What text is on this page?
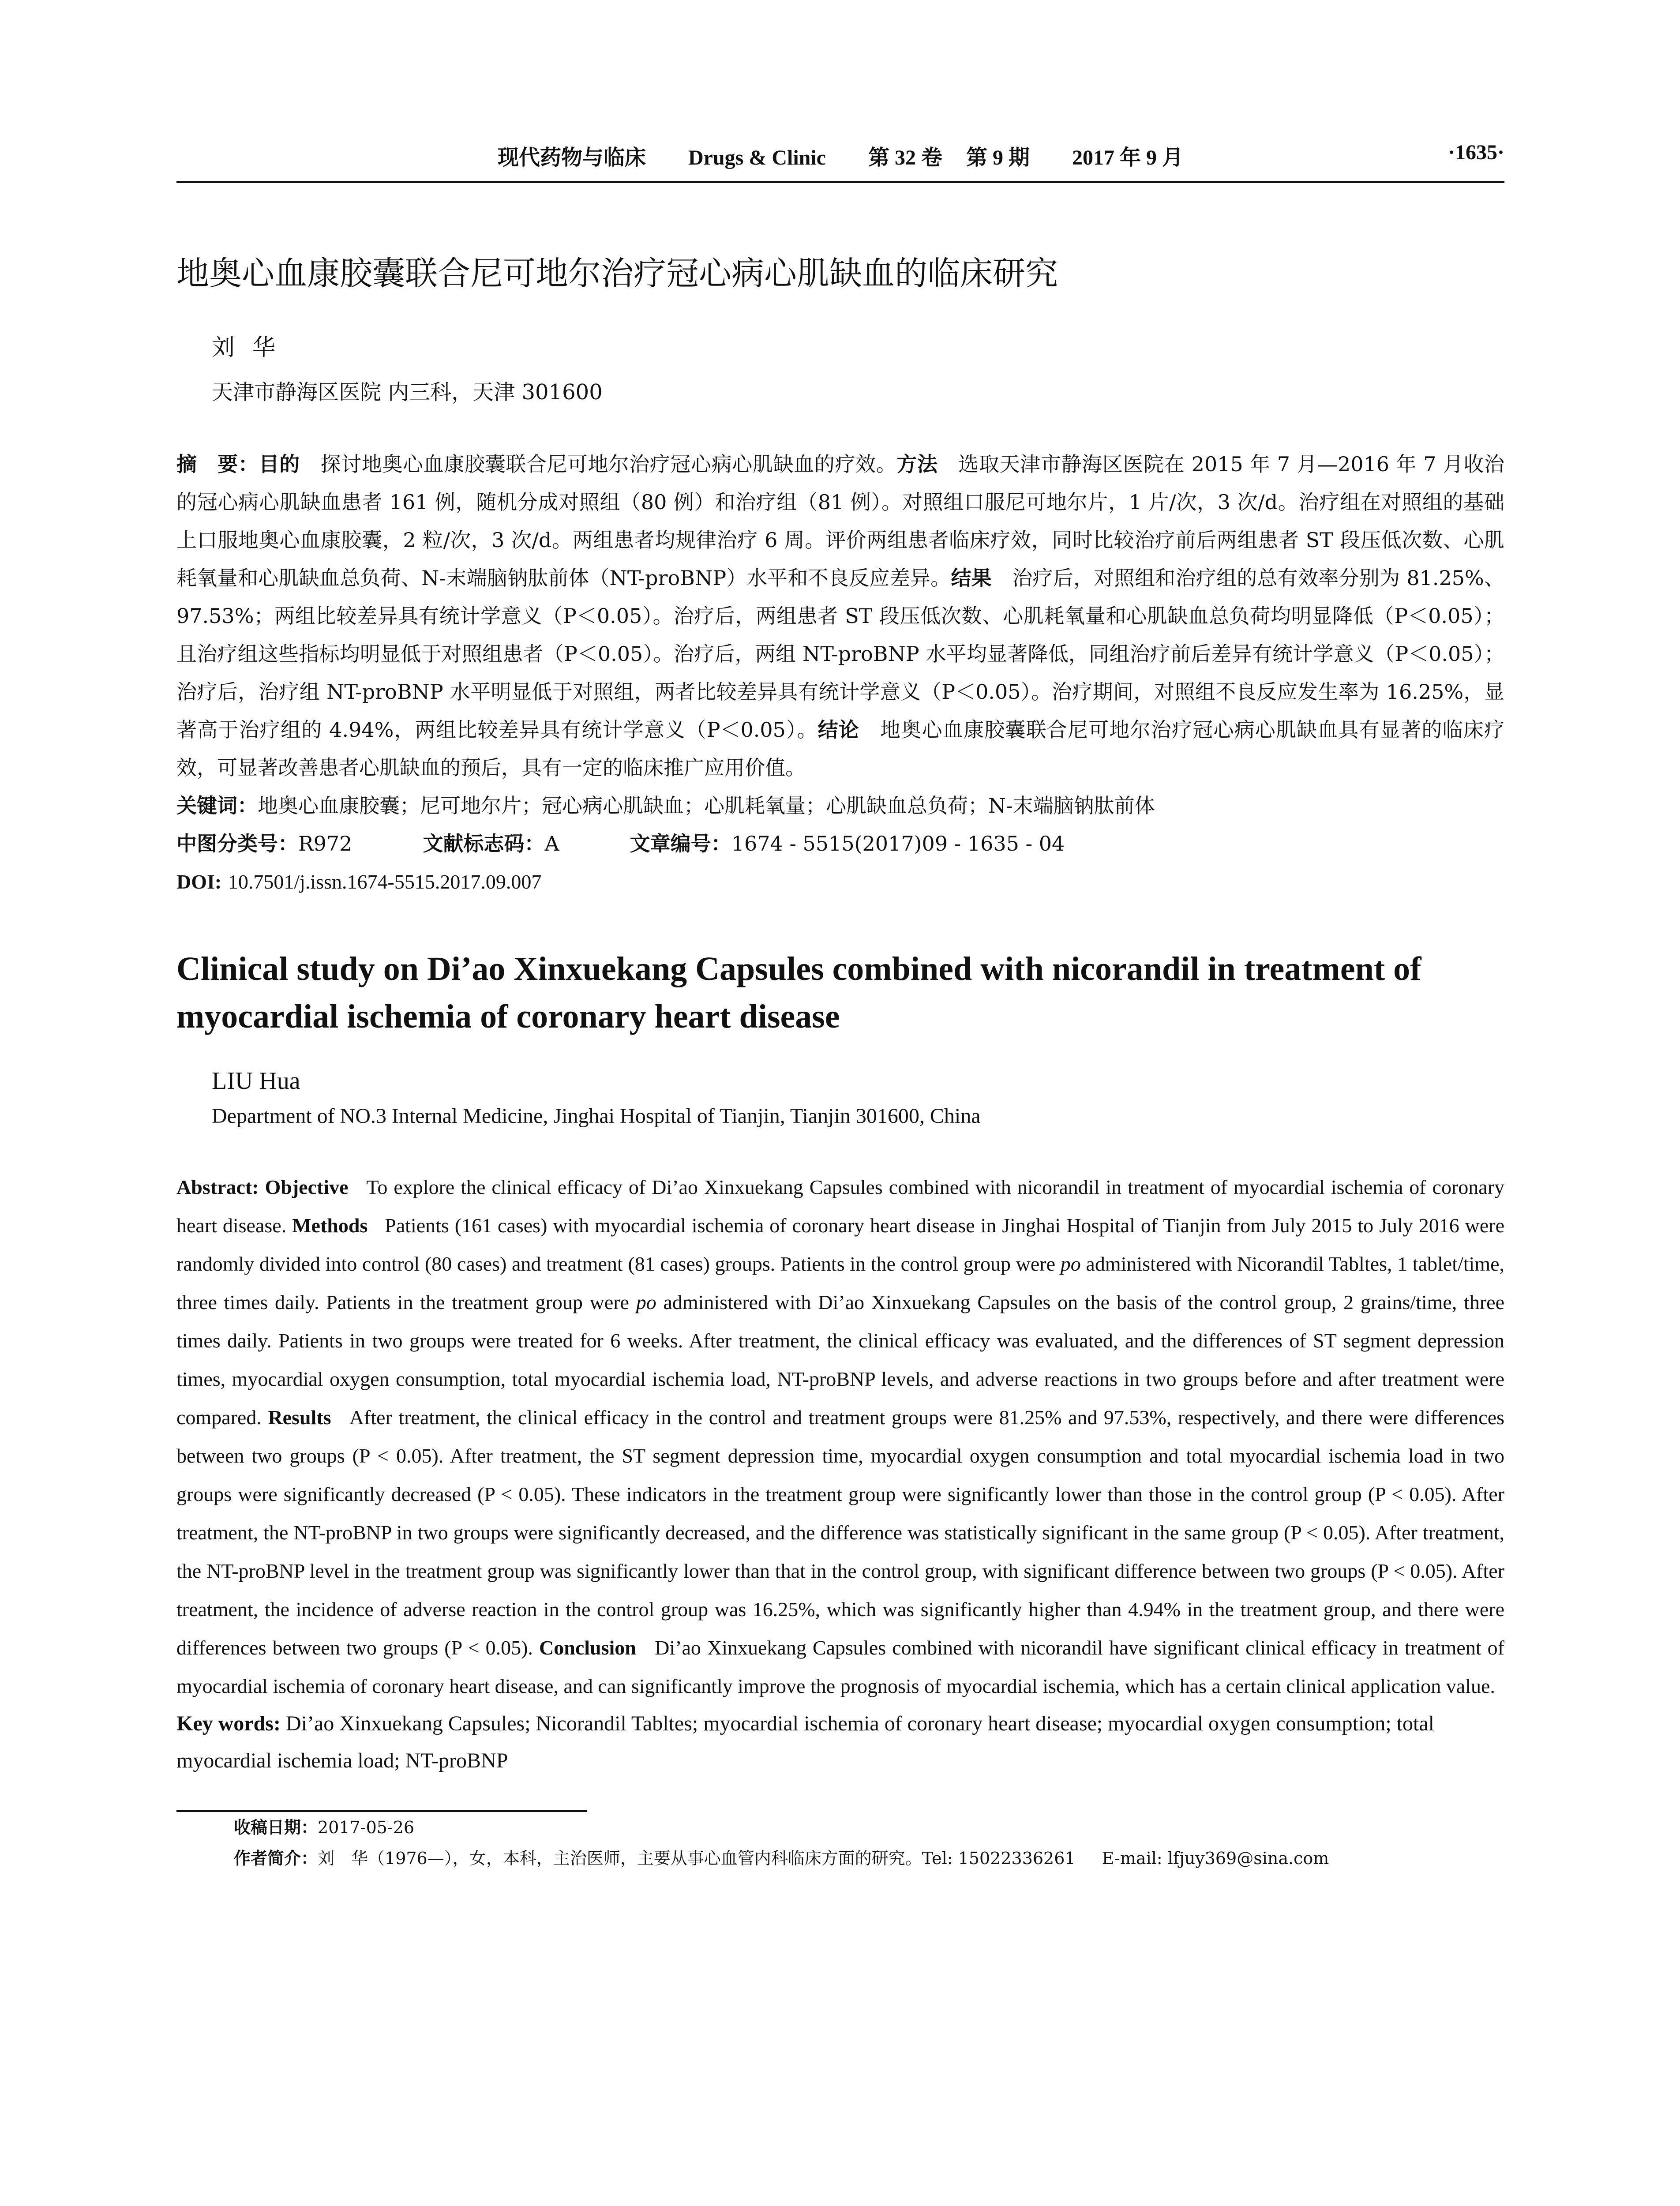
现代药物与临床 Drugs & Clinic 第 32 卷 第 9 期 2017 年 9 月	·1635·
地奥心血康胶囊联合尼可地尔治疗冠心病心肌缺血的临床研究
刘华
天津市静海区医院 内三科，天津 301600
摘　要：目的　 探讨地奥心血康胶囊联合尼可地尔治疗冠心病心肌缺血的疗效。方法　 选取天津市静海区医院在 2015 年 7 月—2016 年 7 月收治的冠心病心肌缺血患者 161 例，随机分成对照组（80 例）和治疗组（81 例）。对照组口服尼可地尔片，1 片/次，3 次/d。治疗组在对照组的基础上口服地奥心血康胶囊，2 粒/次，3 次/d。两组患者均规律治疗 6 周。评价两组患者临床疗效，同时比较治疗前后两组患者 ST 段压低次数、心肌耗氧量和心肌缺血总负荷、N-末端脑钠肽前体（NT-proBNP）水平和不良反应差异。结果　 治疗后，对照组和治疗组的总有效率分别为 81.25%、97.53%；两组比较差异具有统计学意义（P＜0.05）。治疗后，两组患者 ST 段压低次数、心肌耗氧量和心肌缺血总负荷均明显降低（P＜0.05）；且治疗组这些指标均明显低于对照组患者（P＜0.05）。治疗后，两组 NT-proBNP 水平均显著降低，同组治疗前后差异有统计学意义（P＜0.05）；治疗后，治疗组 NT-proBNP 水平明显低于对照组，两者比较差异具有统计学意义（P＜0.05）。治疗期间，对照组不良反应发生率为 16.25%，显著高于治疗组的 4.94%，两组比较差异具有统计学意义（P＜0.05）。结论　 地奥心血康胶囊联合尼可地尔治疗冠心病心肌缺血具有显著的临床疗效，可显著改善患者心肌缺血的预后，具有一定的临床推广应用价值。
关键词：地奥心血康胶囊；尼可地尔片；冠心病心肌缺血；心肌耗氧量；心肌缺血总负荷；N-末端脑钠肽前体
中图分类号：R972	文献标志码：A	文章编号：1674 - 5515(2017)09 - 1635 - 04
DOI: 10.7501/j.issn.1674-5515.2017.09.007
Clinical study on Di’ao Xinxuekang Capsules combined with nicorandil in treatment of myocardial ischemia of coronary heart disease
LIU Hua
Department of NO.3 Internal Medicine, Jinghai Hospital of Tianjin, Tianjin 301600, China
Abstract: Objective To explore the clinical efficacy of Di’ao Xinxuekang Capsules combined with nicorandil in treatment of myocardial ischemia of coronary heart disease. Methods Patients (161 cases) with myocardial ischemia of coronary heart disease in Jinghai Hospital of Tianjin from July 2015 to July 2016 were randomly divided into control (80 cases) and treatment (81 cases) groups. Patients in the control group were po administered with Nicorandil Tabltes, 1 tablet/time, three times daily. Patients in the treatment group were po administered with Di’ao Xinxuekang Capsules on the basis of the control group, 2 grains/time, three times daily. Patients in two groups were treated for 6 weeks. After treatment, the clinical efficacy was evaluated, and the differences of ST segment depression times, myocardial oxygen consumption, total myocardial ischemia load, NT-proBNP levels, and adverse reactions in two groups before and after treatment were compared. Results After treatment, the clinical efficacy in the control and treatment groups were 81.25% and 97.53%, respectively, and there were differences between two groups (P < 0.05). After treatment, the ST segment depression time, myocardial oxygen consumption and total myocardial ischemia load in two groups were significantly decreased (P < 0.05). These indicators in the treatment group were significantly lower than those in the control group (P < 0.05). After treatment, the NT-proBNP in two groups were significantly decreased, and the difference was statistically significant in the same group (P < 0.05). After treatment, the NT-proBNP level in the treatment group was significantly lower than that in the control group, with significant difference between two groups (P < 0.05). After treatment, the incidence of adverse reaction in the control group was 16.25%, which was significantly higher than 4.94% in the treatment group, and there were differences between two groups (P < 0.05). Conclusion Di’ao Xinxuekang Capsules combined with nicorandil have significant clinical efficacy in treatment of myocardial ischemia of coronary heart disease, and can significantly improve the prognosis of myocardial ischemia, which has a certain clinical application value.
Key words: Di’ao Xinxuekang Capsules; Nicorandil Tabltes; myocardial ischemia of coronary heart disease; myocardial oxygen consumption; total myocardial ischemia load; NT-proBNP
收稿日期：2017-05-26
作者简介：刘　华（1976—），女，本科，主治医师，主要从事心血管内科临床方面的研究。Tel: 15022336261 E-mail: lfjuy369@sina.com
